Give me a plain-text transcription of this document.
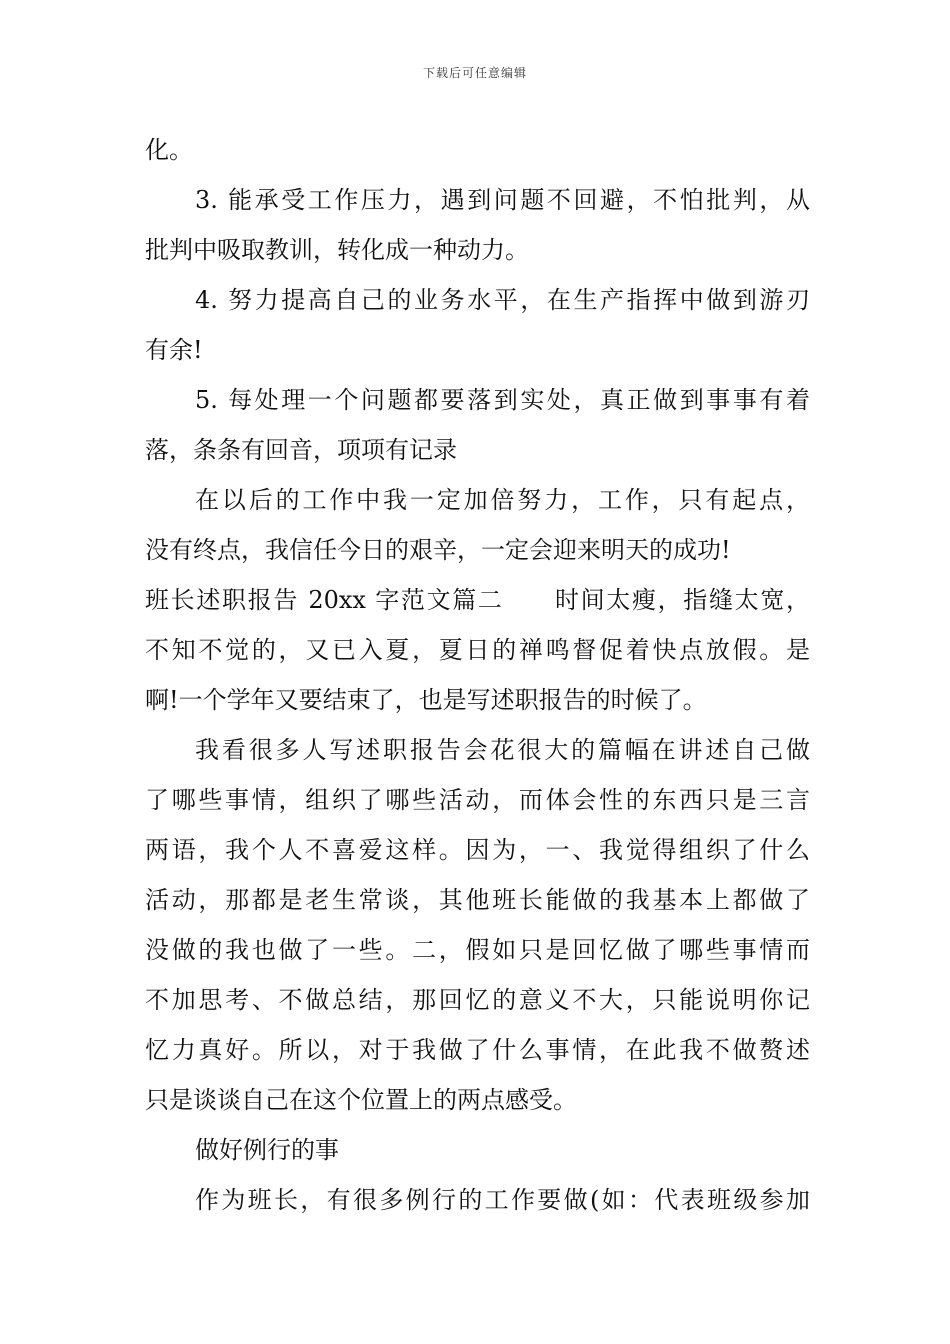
下载后可任意编辑
化。
3. 能承受工作压力，遇到问题不回避，不怕批判，从
批判中吸取教训，转化成一种动力。
4. 努力提高自己的业务水平，在生产指挥中做到游刃
有余!
5. 每处理一个问题都要落到实处，真正做到事事有着
落，条条有回音，项项有记录
在以后的工作中我一定加倍努力，工作，只有起点，
没有终点，我信任今日的艰辛，一定会迎来明天的成功!
班长述职报告 20xx 字范文篇二　　时间太瘦，指缝太宽，
不知不觉的，又已入夏，夏日的禅鸣督促着快点放假。是
啊!一个学年又要结束了，也是写述职报告的时候了。
我看很多人写述职报告会花很大的篇幅在讲述自己做
了哪些事情，组织了哪些活动，而体会性的东西只是三言
两语，我个人不喜爱这样。因为，一、我觉得组织了什么
活动，那都是老生常谈，其他班长能做的我基本上都做了
没做的我也做了一些。二，假如只是回忆做了哪些事情而
不加思考、不做总结，那回忆的意义不大，只能说明你记
忆力真好。所以，对于我做了什么事情，在此我不做赘述
只是谈谈自己在这个位置上的两点感受。
做好例行的事
作为班长，有很多例行的工作要做(如：代表班级参加
